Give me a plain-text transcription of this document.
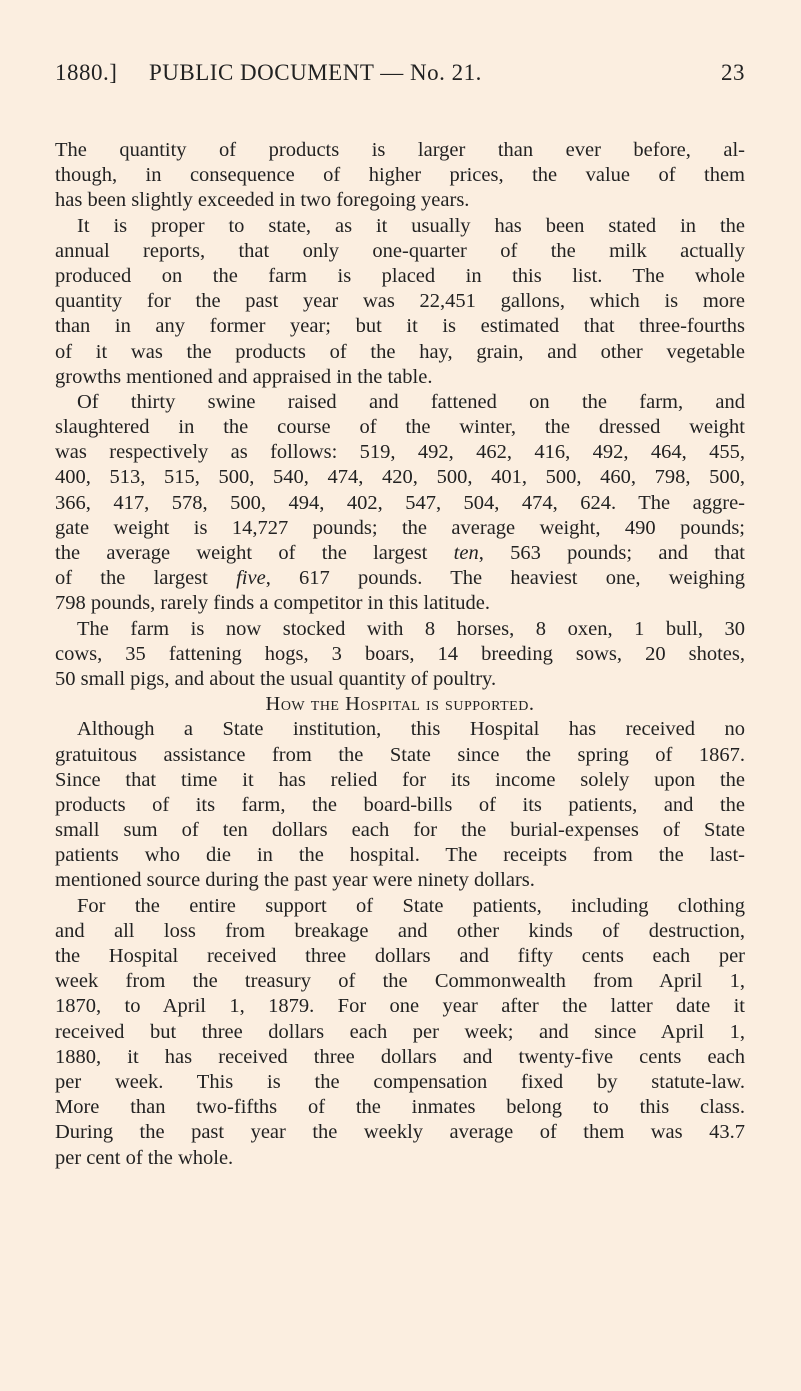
1880.] PUBLIC DOCUMENT — No. 21.	23
The quantity of products is larger than ever before, al-
though, in consequence of higher prices, the value of them
has been slightly exceeded in two foregoing years.
It is proper to state, as it usually has been stated in the
annual reports, that only one-quarter of the milk actually
produced on the farm is placed in this list. The whole
quantity for the past year was 22,451 gallons, which is more
than in any former year; but it is estimated that three-fourths
of it was the products of the hay, grain, and other vegetable
growths mentioned and appraised in the table.
Of thirty swine raised and fattened on the farm, and
slaughtered in the course of the winter, the dressed weight
was respectively as follows: 519, 492, 462, 416, 492, 464, 455,
400, 513, 515, 500, 540, 474, 420, 500, 401, 500, 460, 798, 500,
366, 417, 578, 500, 494, 402, 547, 504, 474, 624. The aggre-
gate weight is 14,727 pounds; the average weight, 490 pounds;
the average weight of the largest ten, 563 pounds; and that
of the largest five, 617 pounds. The heaviest one, weighing
798 pounds, rarely finds a competitor in this latitude.
The farm is now stocked with 8 horses, 8 oxen, 1 bull, 30
cows, 35 fattening hogs, 3 boars, 14 breeding sows, 20 shotes,
50 small pigs, and about the usual quantity of poultry.
How the Hospital is supported.
Although a State institution, this Hospital has received no
gratuitous assistance from the State since the spring of 1867.
Since that time it has relied for its income solely upon the
products of its farm, the board-bills of its patients, and the
small sum of ten dollars each for the burial-expenses of State
patients who die in the hospital. The receipts from the last-
mentioned source during the past year were ninety dollars.
For the entire support of State patients, including clothing
and all loss from breakage and other kinds of destruction,
the Hospital received three dollars and fifty cents each per
week from the treasury of the Commonwealth from April 1,
1870, to April 1, 1879. For one year after the latter date it
received but three dollars each per week; and since April 1,
1880, it has received three dollars and twenty-five cents each
per week. This is the compensation fixed by statute-law.
More than two-fifths of the inmates belong to this class.
During the past year the weekly average of them was 43.7
per cent of the whole.
